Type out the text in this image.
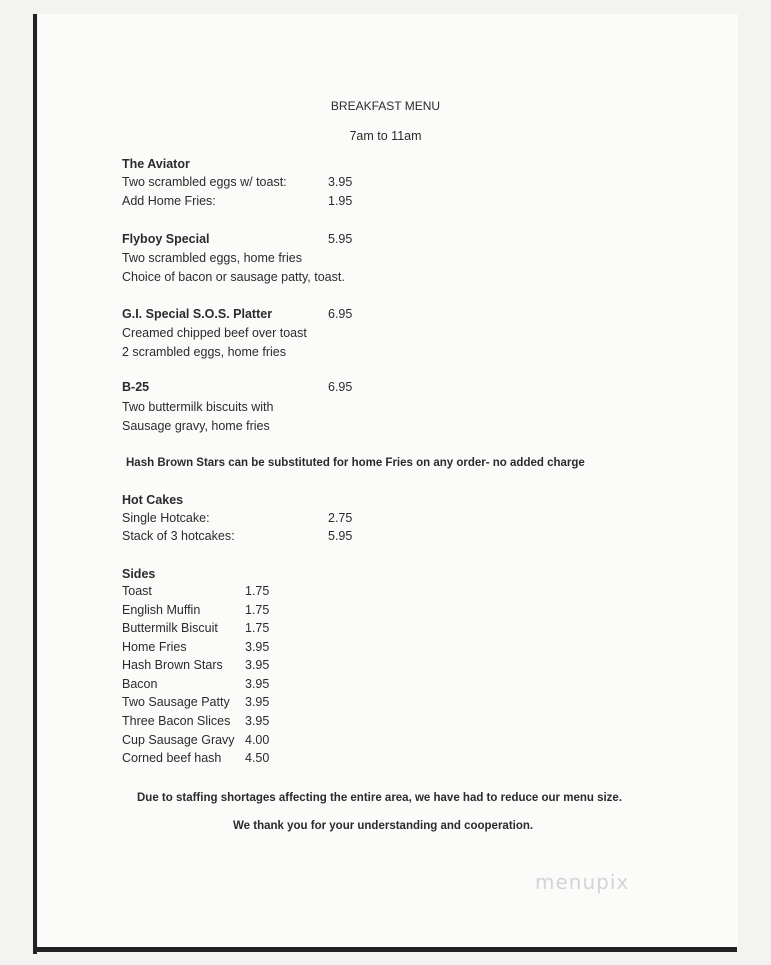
BREAKFAST MENU
7am to 11am
The Aviator
Two scrambled eggs w/ toast:	3.95
Add Home Fries:	1.95
Flyboy Special	5.95
Two scrambled eggs, home fries
Choice of bacon or sausage patty, toast.
G.I. Special S.O.S. Platter	6.95
Creamed chipped beef over toast
2 scrambled eggs, home fries
B-25	6.95
Two buttermilk biscuits with
Sausage gravy, home fries
Hash Brown Stars can be substituted for home Fries on any order- no added charge
Hot Cakes
Single Hotcake:	2.75
Stack of 3 hotcakes:	5.95
Sides
Toast	1.75
English Muffin	1.75
Buttermilk Biscuit 1.75
Home Fries	3.95
Hash Brown Stars 3.95
Bacon	3.95
Two Sausage Patty 3.95
Three Bacon Slices 3.95
Cup Sausage Gravy 4.00
Corned beef hash 4.50
Due to staffing shortages affecting the entire area, we have had to reduce our menu size.
We thank you for your understanding and cooperation.
menupix
